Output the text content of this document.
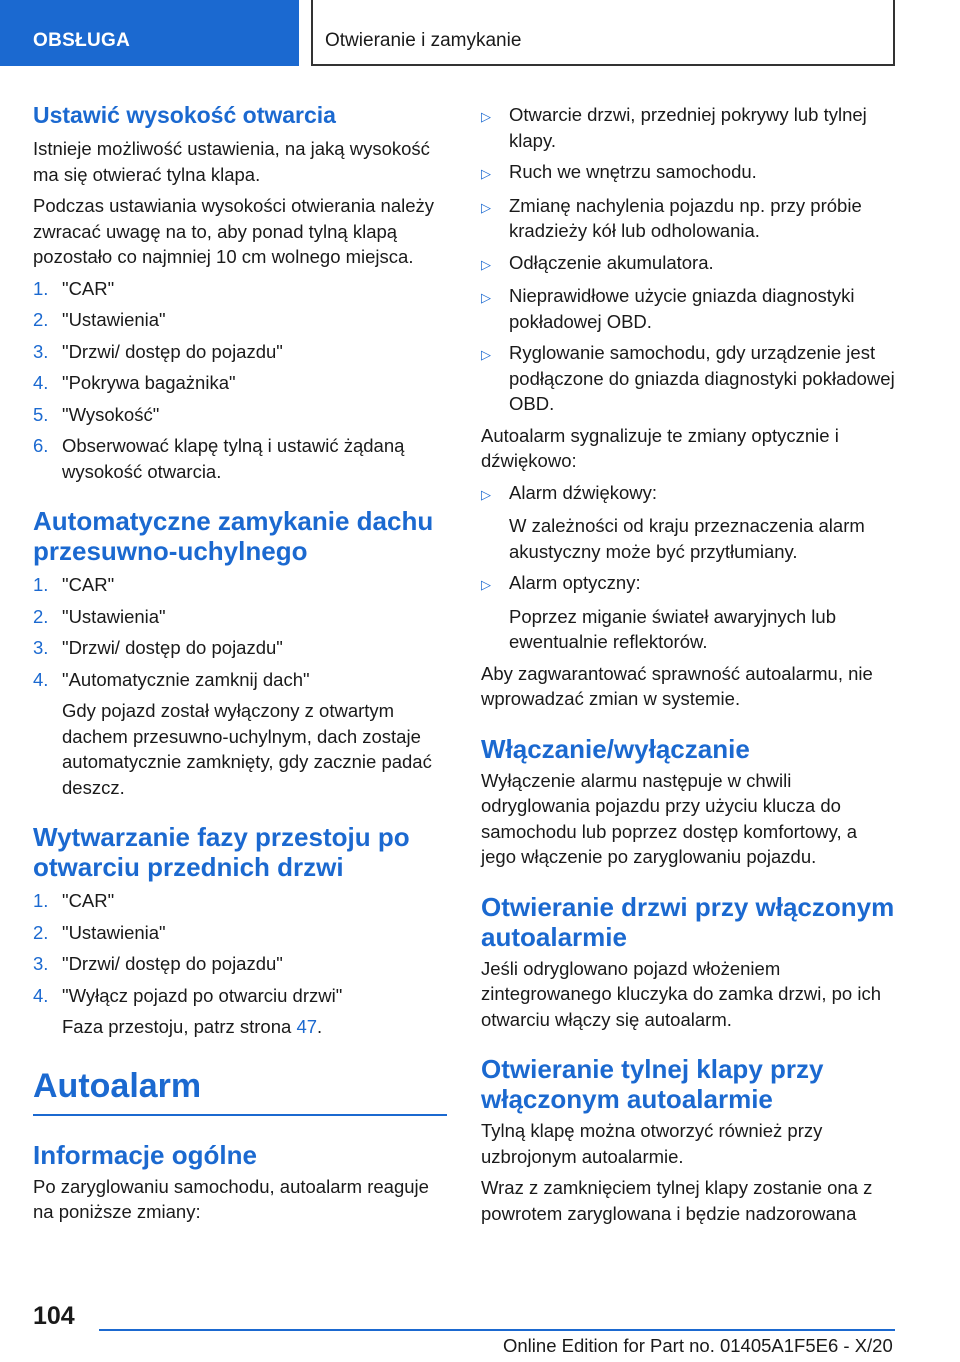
OBSŁUGA	Otwieranie i zamykanie
Ustawić wysokość otwarcia
Istnieje możliwość ustawienia, na jaką wysokość ma się otwierać tylna klapa.
Podczas ustawiania wysokości otwierania należy zwracać uwagę na to, aby ponad tylną klapą pozostało co najmniej 10 cm wolnego miejsca.
1. "CAR"
2. "Ustawienia"
3. "Drzwi/ dostęp do pojazdu"
4. "Pokrywa bagażnika"
5. "Wysokość"
6. Obserwować klapę tylną i ustawić żądaną wysokość otwarcia.
Automatyczne zamykanie dachu przesuwno-uchylnego
1. "CAR"
2. "Ustawienia"
3. "Drzwi/ dostęp do pojazdu"
4. "Automatycznie zamknij dach"
Gdy pojazd został wyłączony z otwartym dachem przesuwno-uchylnym, dach zostaje automatycznie zamknięty, gdy zacznie padać deszcz.
Wytwarzanie fazy przestoju po otwarciu przednich drzwi
1. "CAR"
2. "Ustawienia"
3. "Drzwi/ dostęp do pojazdu"
4. "Wyłącz pojazd po otwarciu drzwi"
Faza przestoju, patrz strona 47.
Autoalarm
Informacje ogólne
Po zaryglowaniu samochodu, autoalarm reaguje na poniższe zmiany:
▷ Otwarcie drzwi, przedniej pokrywy lub tylnej klapy.
▷ Ruch we wnętrzu samochodu.
▷ Zmianę nachylenia pojazdu np. przy próbie kradzieży kół lub odholowania.
▷ Odłączenie akumulatora.
▷ Nieprawidłowe użycie gniazda diagnostyki pokładowej OBD.
▷ Ryglowanie samochodu, gdy urządzenie jest podłączone do gniazda diagnostyki pokładowej OBD.
Autoalarm sygnalizuje te zmiany optycznie i dźwiękowo:
▷ Alarm dźwiękowy:
W zależności od kraju przeznaczenia alarm akustyczny może być przytłumiany.
▷ Alarm optyczny:
Poprzez miganie świateł awaryjnych lub ewentualnie reflektorów.
Aby zagwarantować sprawność autoalarmu, nie wprowadzać zmian w systemie.
Włączanie/wyłączanie
Wyłączenie alarmu następuje w chwili odryglowania pojazdu przy użyciu klucza do samochodu lub poprzez dostęp komfortowy, a jego włączenie po zaryglowaniu pojazdu.
Otwieranie drzwi przy włączonym autoalarmie
Jeśli odryglowano pojazd włożeniem zintegrowanego kluczyka do zamka drzwi, po ich otwarciu włączy się autoalarm.
Otwieranie tylnej klapy przy włączonym autoalarmie
Tylną klapę można otworzyć również przy uzbrojonym autoalarmie.
Wraz z zamknięciem tylnej klapy zostanie ona z powrotem zaryglowana i będzie nadzorowana
104
Online Edition for Part no. 01405A1F5E6 - X/20
